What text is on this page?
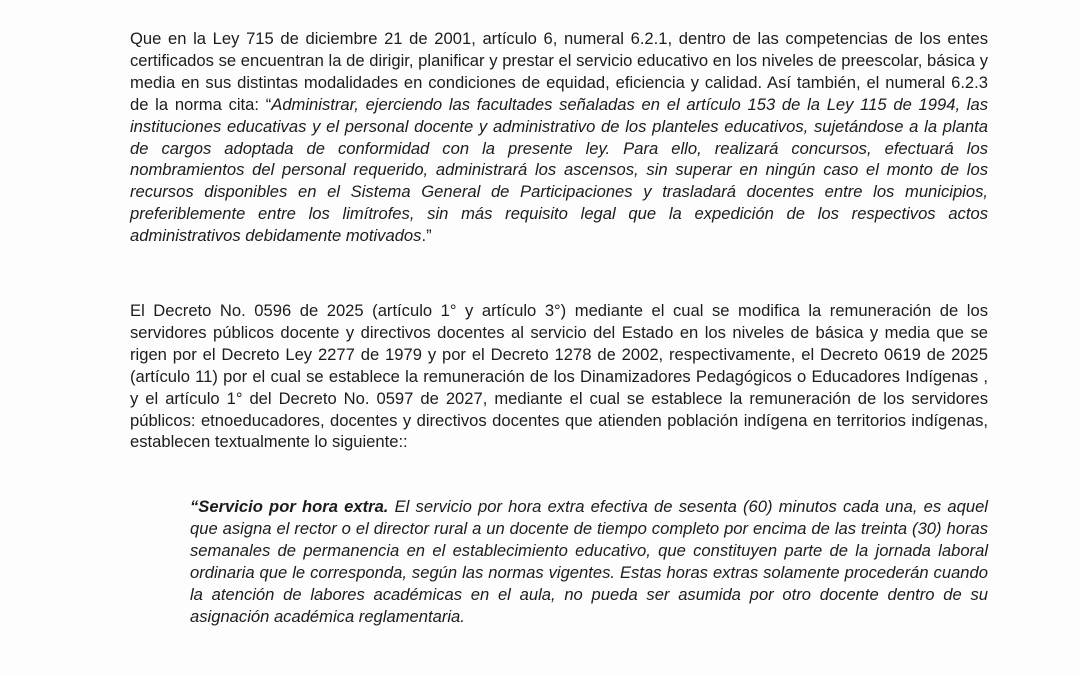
Que en la Ley 715 de diciembre 21 de 2001, artículo 6, numeral 6.2.1, dentro de las competencias de los entes certificados se encuentran la de dirigir, planificar y prestar el servicio educativo en los niveles de preescolar, básica y media en sus distintas modalidades en condiciones de equidad, eficiencia y calidad. Así también, el numeral 6.2.3 de la norma cita: “Administrar, ejerciendo las facultades señaladas en el artículo 153 de la Ley 115 de 1994, las instituciones educativas y el personal docente y administrativo de los planteles educativos, sujetándose a la planta de cargos adoptada de conformidad con la presente ley. Para ello, realizará concursos, efectuará los nombramientos del personal requerido, administrará los ascensos, sin superar en ningún caso el monto de los recursos disponibles en el Sistema General de Participaciones y trasladará docentes entre los municipios, preferiblemente entre los limítrofes, sin más requisito legal que la expedición de los respectivos actos administrativos debidamente motivados.”

El Decreto No. 0596 de 2025 (artículo 1° y artículo 3°) mediante el cual se modifica la remuneración de los servidores públicos docente y directivos docentes al servicio del Estado en los niveles de básica y media que se rigen por el Decreto Ley 2277 de 1979 y por el Decreto 1278 de 2002, respectivamente, el Decreto 0619 de 2025 (artículo 11) por el cual se establece la remuneración de los Dinamizadores Pedagógicos o Educadores Indígenas , y el artículo 1° del Decreto No. 0597 de 2027, mediante el cual se establece la remuneración de los servidores públicos: etnoeducadores, docentes y directivos docentes que atienden población indígena en territorios indígenas, establecen textualmente lo siguiente::

“Servicio por hora extra. El servicio por hora extra efectiva de sesenta (60) minutos cada una, es aquel que asigna el rector o el director rural a un docente de tiempo completo por encima de las treinta (30) horas semanales de permanencia en el establecimiento educativo, que constituyen parte de la jornada laboral ordinaria que le corresponda, según las normas vigentes. Estas horas extras solamente procederán cuando la atención de labores académicas en el aula, no pueda ser asumida por otro docente dentro de su asignación académica reglamentaria.
